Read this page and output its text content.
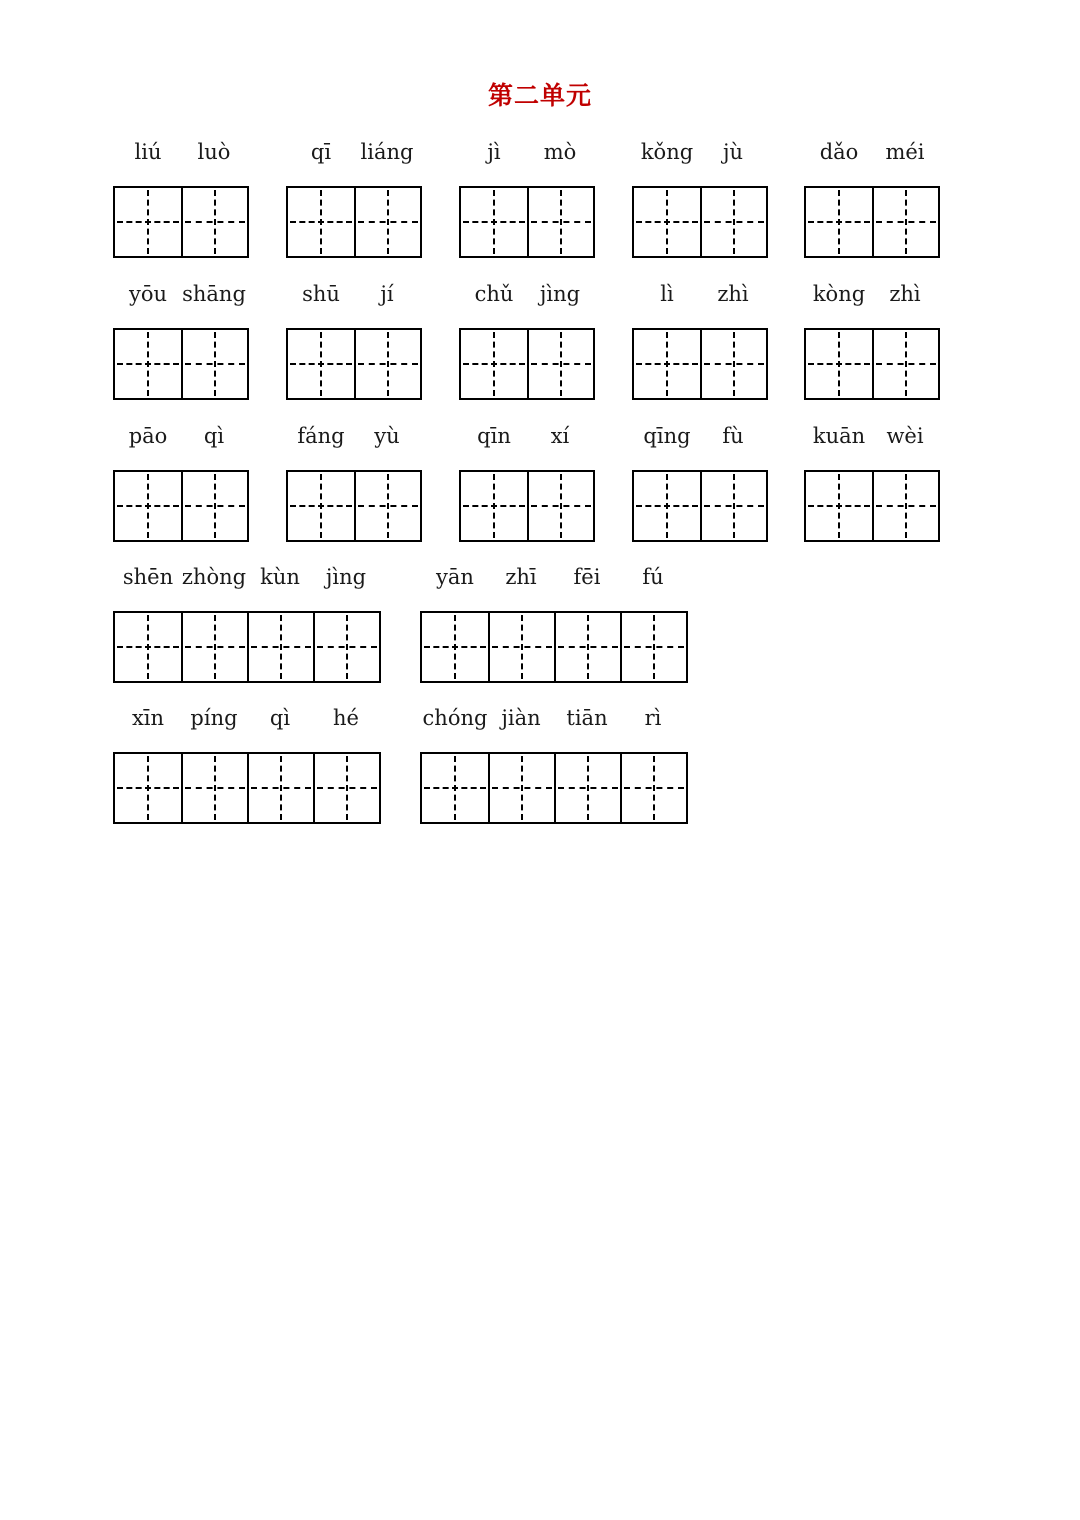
第二单元
liú luò	qī liáng	jì mò	kǒng jù	dǎo méi
yōu shāng	shū jí	chǔ jìng	lì zhì	kòng zhì
pāo qì	fáng yù	qīn xí	qīng fù	kuān wèi
shēn zhòng kùn jìng	yān zhī fēi fú
xīn píng qì hé	chóng jiàn tiān rì
